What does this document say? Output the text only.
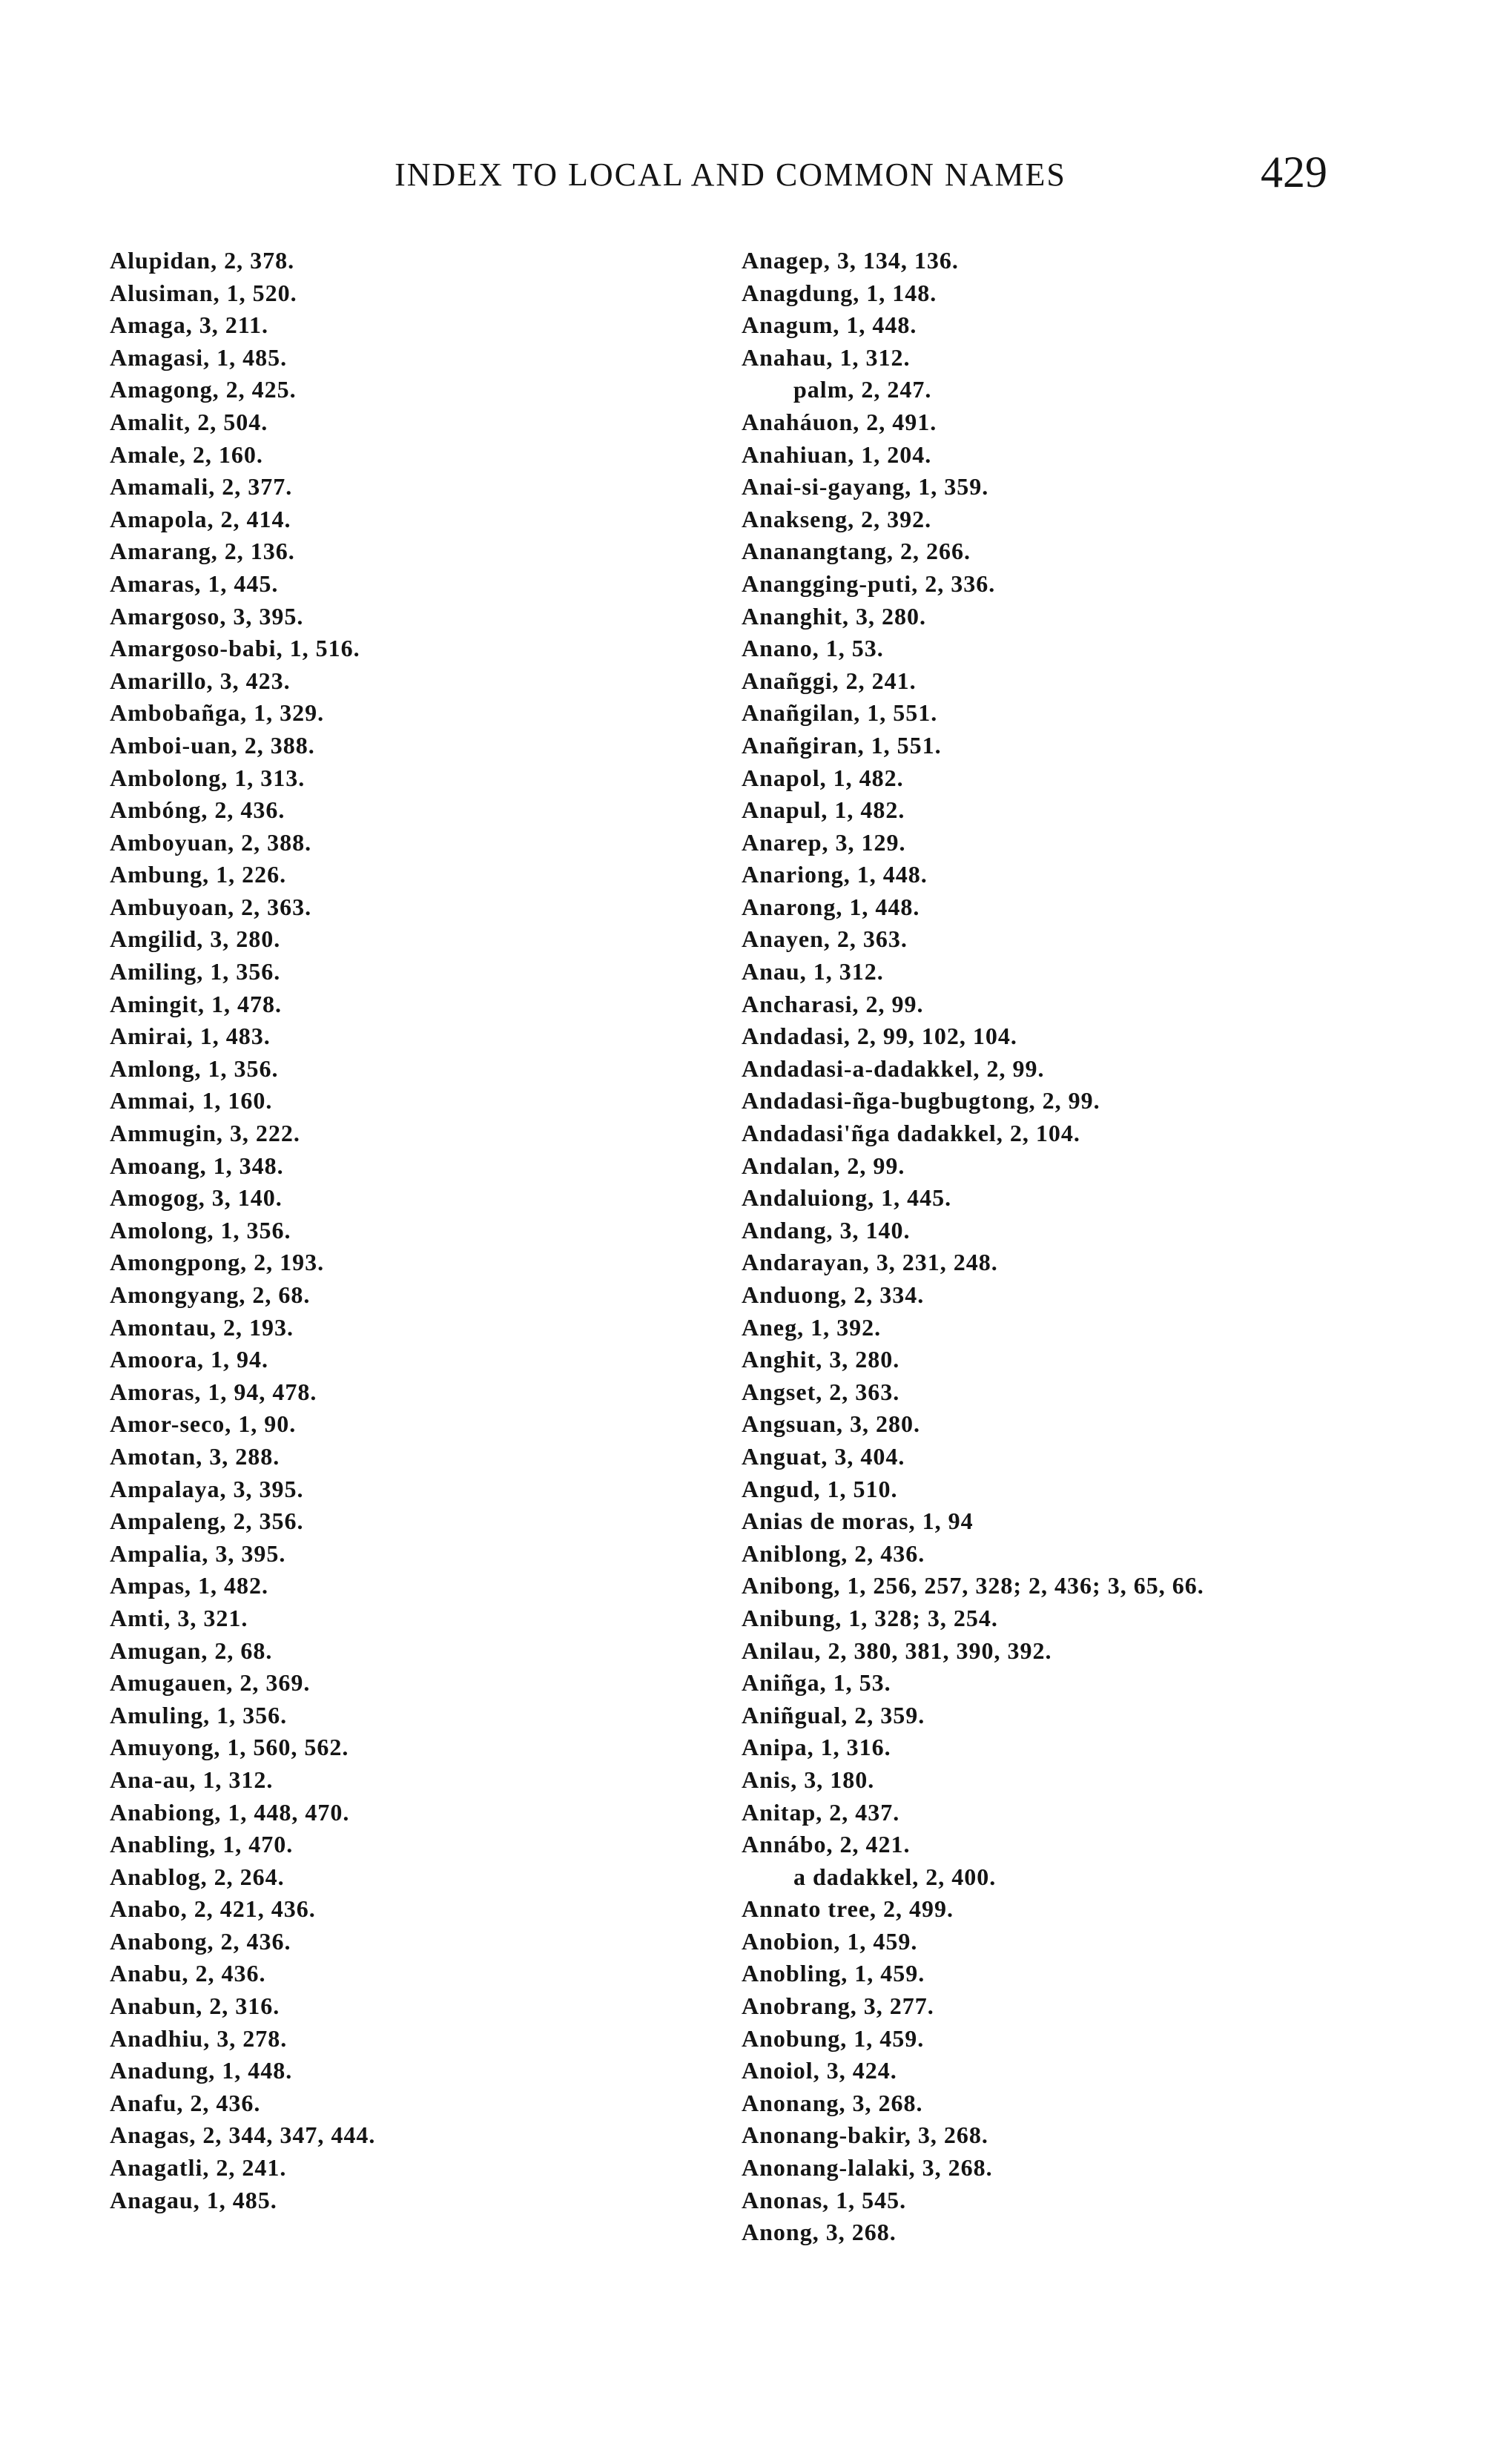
INDEX TO LOCAL AND COMMON NAMES	429
Alupidan, 2, 378.
Alusiman, 1, 520.
Amaga, 3, 211.
Amagasi, 1, 485.
Amagong, 2, 425.
Amalit, 2, 504.
Amale, 2, 160.
Amamali, 2, 377.
Amapola, 2, 414.
Amarang, 2, 136.
Amaras, 1, 445.
Amargoso, 3, 395.
Amargoso-babi, 1, 516.
Amarillo, 3, 423.
Ambobañga, 1, 329.
Amboi-uan, 2, 388.
Ambolong, 1, 313.
Ambóng, 2, 436.
Amboyuan, 2, 388.
Ambung, 1, 226.
Ambuyoan, 2, 363.
Amgilid, 3, 280.
Amiling, 1, 356.
Amingit, 1, 478.
Amirai, 1, 483.
Amlong, 1, 356.
Ammai, 1, 160.
Ammugin, 3, 222.
Amoang, 1, 348.
Amogog, 3, 140.
Amolong, 1, 356.
Amongpong, 2, 193.
Amongyang, 2, 68.
Amontau, 2, 193.
Amoora, 1, 94.
Amoras, 1, 94, 478.
Amor-seco, 1, 90.
Amotan, 3, 288.
Ampalaya, 3, 395.
Ampaleng, 2, 356.
Ampalia, 3, 395.
Ampas, 1, 482.
Amti, 3, 321.
Amugan, 2, 68.
Amugauen, 2, 369.
Amuling, 1, 356.
Amuyong, 1, 560, 562.
Ana-au, 1, 312.
Anabiong, 1, 448, 470.
Anabling, 1, 470.
Anablog, 2, 264.
Anabo, 2, 421, 436.
Anabong, 2, 436.
Anabu, 2, 436.
Anabun, 2, 316.
Anadhiu, 3, 278.
Anadung, 1, 448.
Anafu, 2, 436.
Anagas, 2, 344, 347, 444.
Anagatli, 2, 241.
Anagau, 1, 485.
Anagep, 3, 134, 136.
Anagdung, 1, 148.
Anagum, 1, 448.
Anahau, 1, 312.
palm, 2, 247.
Anaháuon, 2, 491.
Anahiuan, 1, 204.
Anai-si-gayang, 1, 359.
Anakseng, 2, 392.
Ananangtang, 2, 266.
Anangging-puti, 2, 336.
Ananghit, 3, 280.
Anano, 1, 53.
Anañggi, 2, 241.
Anañgilan, 1, 551.
Anañgiran, 1, 551.
Anapol, 1, 482.
Anapul, 1, 482.
Anarep, 3, 129.
Anariong, 1, 448.
Anarong, 1, 448.
Anayen, 2, 363.
Anau, 1, 312.
Ancharasi, 2, 99.
Andadasi, 2, 99, 102, 104.
Andadasi-a-dadakkel, 2, 99.
Andadasi-ñga-bugbugtong, 2, 99.
Andadasi'ñga dadakkel, 2, 104.
Andalan, 2, 99.
Andaluiong, 1, 445.
Andang, 3, 140.
Andarayan, 3, 231, 248.
Anduong, 2, 334.
Aneg, 1, 392.
Anghit, 3, 280.
Angset, 2, 363.
Angsuan, 3, 280.
Anguat, 3, 404.
Angud, 1, 510.
Anias de moras, 1, 94
Aniblong, 2, 436.
Anibong, 1, 256, 257, 328; 2, 436; 3, 65, 66.
Anibung, 1, 328; 3, 254.
Anilau, 2, 380, 381, 390, 392.
Aniñga, 1, 53.
Aniñgual, 2, 359.
Anipa, 1, 316.
Anis, 3, 180.
Anitap, 2, 437.
Annábo, 2, 421.
a dadakkel, 2, 400.
Annato tree, 2, 499.
Anobion, 1, 459.
Anobling, 1, 459.
Anobrang, 3, 277.
Anobung, 1, 459.
Anoiol, 3, 424.
Anonang, 3, 268.
Anonang-bakir, 3, 268.
Anonang-lalaki, 3, 268.
Anonas, 1, 545.
Anong, 3, 268.
